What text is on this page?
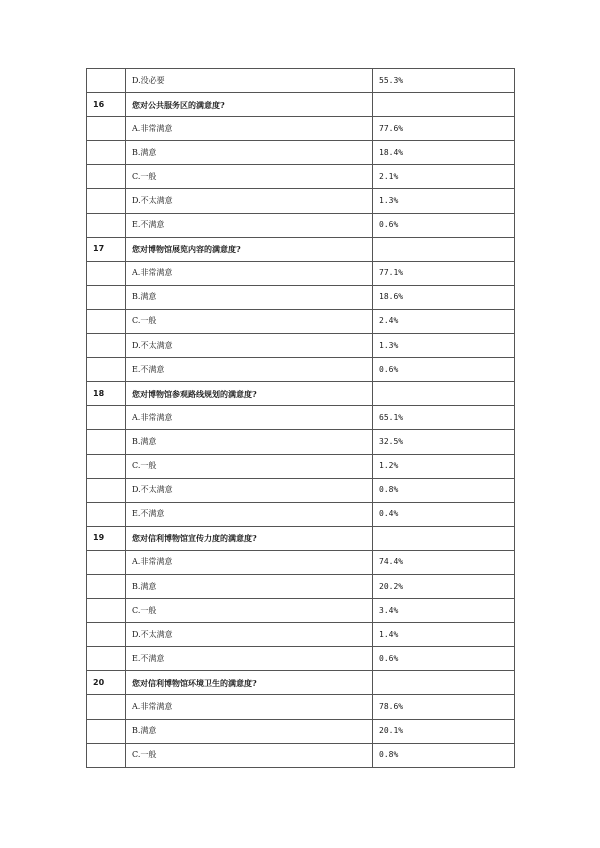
	D.没必要	55.3%
16	您对公共服务区的满意度?	
	A.非常满意	77.6%
	B.满意	18.4%
	C.一般	2.1%
	D.不太满意	1.3%
	E.不满意	0.6%
17	您对博物馆展览内容的满意度?	
	A.非常满意	77.1%
	B.满意	18.6%
	C.一般	2.4%
	D.不太满意	1.3%
	E.不满意	0.6%
18	您对博物馆参观路线规划的满意度?	
	A.非常满意	65.1%
	B.满意	32.5%
	C.一般	1.2%
	D.不太满意	0.8%
	E.不满意	0.4%
19	您对信利博物馆宣传力度的满意度?	
	A.非常满意	74.4%
	B.满意	20.2%
	C.一般	3.4%
	D.不太满意	1.4%
	E.不满意	0.6%
20	您对信利博物馆环境卫生的满意度?	
	A.非常满意	78.6%
	B.满意	20.1%
	C.一般	0.8%
